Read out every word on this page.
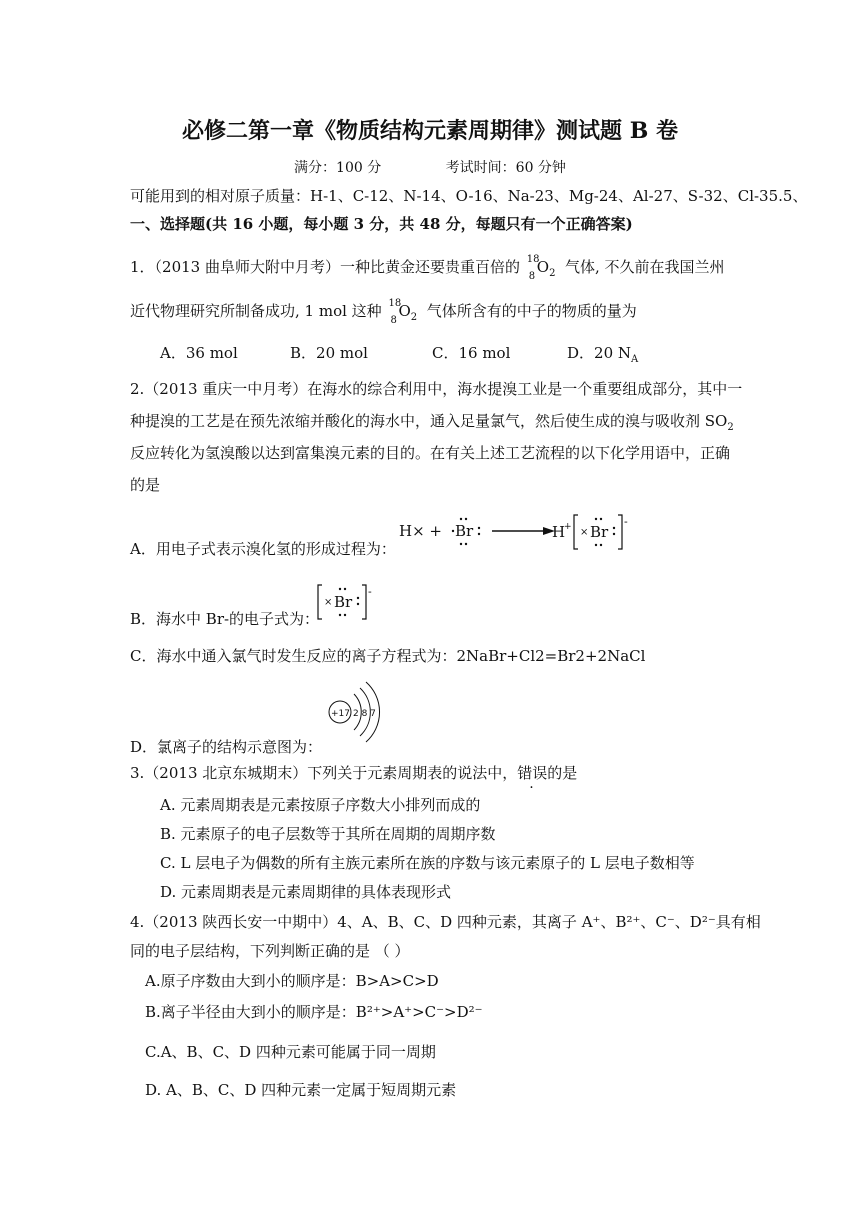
必修二第一章《物质结构元素周期律》测试题 B 卷
满分：100 分	考试时间：60 分钟
可能用到的相对原子质量：H-1、C-12、N-14、O-16、Na-23、Mg-24、Al-27、S-32、Cl-35.5、
一、选择题(共 16 小题，每小题 3 分，共 48 分，每题只有一个正确答案)
1．（2013 曲阜师大附中月考）一种比黄金还要贵重百倍的 18
8
$O_2$ 气体, 不久前在我国兰州
近代物理研究所制备成功, 1 mol 这种 18
8
$O_2$ 气体所含有的中子的物质的量为
A．36 mol	B．20 mol	C．16 mol	D．20 $N_A$
2.（2013 重庆一中月考）在海水的综合利用中，海水提溴工业是一个重要组成部分，其中一
种提溴的工艺是在预先浓缩并酸化的海水中，通入足量氯气，然后使生成的溴与吸收剂 $SO_2$
反应转化为氢溴酸以达到富集溴元素的目的。在有关上述工艺流程的以下化学用语中，正确
的是
A．用电子式表示溴化氢的形成过程为：
H× + Br	H
+ × Br
-
B．海水中 Br-的电子式为：
× Br
-
C．海水中通入氯气时发生反应的离子方程式为：2NaBr+Cl2=Br2+2NaCl
D．氯离子的结构示意图为：
+17 2 8 7
3.（2013 北京东城期末）下列关于元素周期表的说法中，错误的是
A. 元素周期表是元素按原子序数大小排列而成的
B. 元素原子的电子层数等于其所在周期的周期序数
C. L 层电子为偶数的所有主族元素所在族的序数与该元素原子的 L 层电子数相等
D. 元素周期表是元素周期律的具体表现形式
4.（2013 陕西长安一中期中）4、A、B、C、D 四种元素，其离子 A⁺、B²⁺、C⁻、D²⁻具有相
同的电子层结构，下列判断正确的是 （ ）
A.原子序数由大到小的顺序是：B>A>C>D
B.离子半径由大到小的顺序是：B²⁺>A⁺>C⁻>D²⁻
C.A、B、C、D 四种元素可能属于同一周期
D. A、B、C、D 四种元素一定属于短周期元素
